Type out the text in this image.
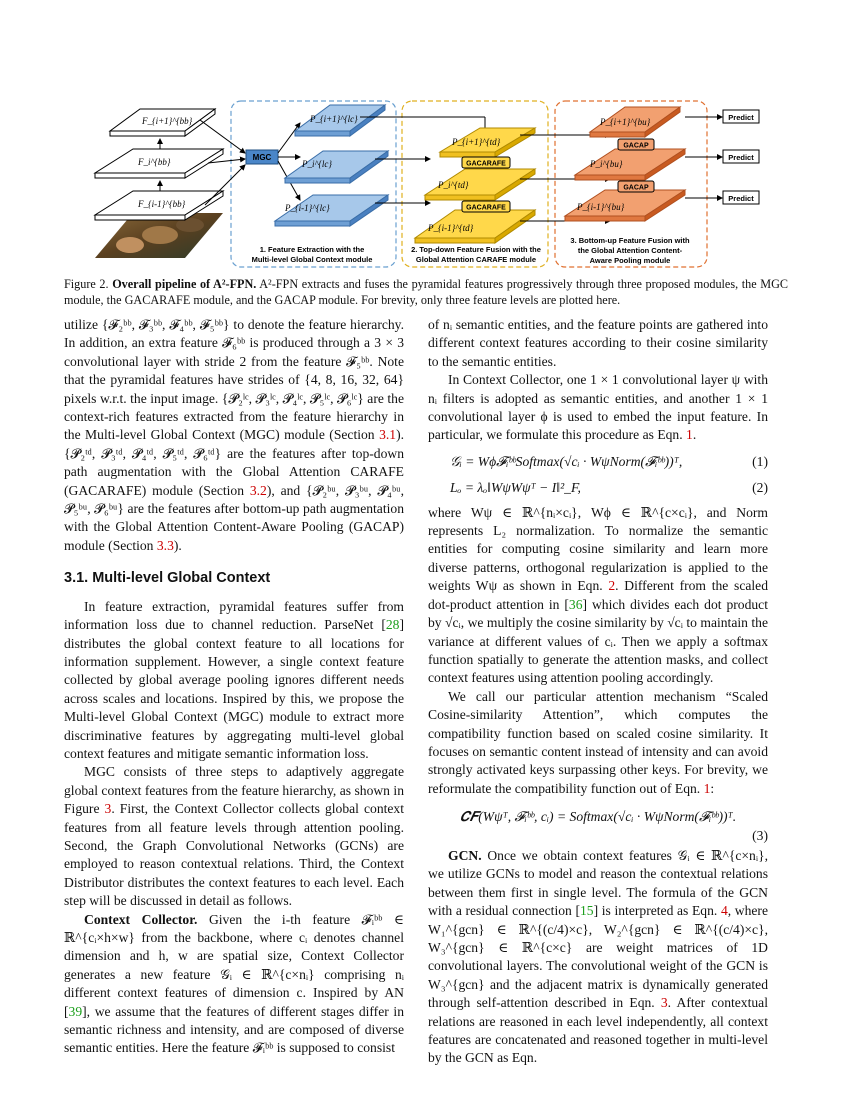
F_{i-1}^{bb}
F_i^{bb}
F_{i+1}^{bb}
MGC
P_{i+1}^{lc}
P_i^{lc}
P_{i-1}^{lc}
P_{i+1}^{td}
P_i^{td}
P_{i-1}^{td}
GACARAFE
GACARAFE
P_{i+1}^{bu}
P_i^{bu}
P_{i-1}^{bu}
GACAP
GACAP
Predict
Predict
Predict
1. Feature Extraction with the
Multi-level Global Context module
2. Top-down Feature Fusion with the
Global Attention CARAFE module
3. Bottom-up Feature Fusion with
the Global Attention Content-
Aware Pooling module
Figure 2. Overall pipeline of A²-FPN. A²-FPN extracts and fuses the pyramidal features progressively through three proposed modules, the MGC module, the GACARAFE module, and the GACAP module. For brevity, only three feature levels are plotted here.

utilize {𝓕₂ᵇᵇ, 𝓕₃ᵇᵇ, 𝓕₄ᵇᵇ, 𝓕₅ᵇᵇ} to denote the feature hierarchy. In addition, an extra feature 𝓕₆ᵇᵇ is produced through a 3 × 3 convolutional layer with stride 2 from the feature 𝓕₅ᵇᵇ. Note that the pyramidal features have strides of {4, 8, 16, 32, 64} pixels w.r.t. the input image. {𝓟₂ˡᶜ, 𝓟₃ˡᶜ, 𝓟₄ˡᶜ, 𝓟₅ˡᶜ, 𝓟₆ˡᶜ} are the context-rich features extracted from the feature hierarchy in the Multi-level Global Context (MGC) module (Section 3.1). {𝓟₂ᵗᵈ, 𝓟₃ᵗᵈ, 𝓟₄ᵗᵈ, 𝓟₅ᵗᵈ, 𝓟₆ᵗᵈ} are the features after top-down path augmentation with the Global Attention CARAFE (GACARAFE) module (Section 3.2), and {𝓟₂ᵇᵘ, 𝓟₃ᵇᵘ, 𝓟₄ᵇᵘ, 𝓟₅ᵇᵘ, 𝓟₆ᵇᵘ} are the features after bottom-up path augmentation with the Global Attention Content-Aware Pooling (GACAP) module (Section 3.3).

3.1. Multi-level Global Context

In feature extraction, pyramidal features suffer from information loss due to channel reduction. ParseNet [28] distributes the global context feature to all locations for information supplement. However, a single context feature collected by global average pooling ignores different needs across scales and locations. Inspired by this, we propose the Multi-level Global Context (MGC) module to extract more discriminative features by aggregating multi-level global context features and mitigate semantic information loss.

MGC consists of three steps to adaptively aggregate global context features from the feature hierarchy, as shown in Figure 3. First, the Context Collector collects global context features from all feature levels through attention pooling. Second, the Graph Convolutional Networks (GCNs) are employed to reason contextual relations. Third, the Context Distributor distributes the context features to each level. Each step will be discussed in detail as follows.

Context Collector. Given the i-th feature 𝓕ᵢᵇᵇ ∈ ℝ^{cᵢ×h×w} from the backbone, where cᵢ denotes channel dimension and h, w are spatial size, Context Collector generates a new feature 𝒢ᵢ ∈ ℝ^{c×nᵢ} comprising nᵢ different context features of dimension c. Inspired by AN [39], we assume that the features of different stages differ in semantic richness and intensity, and are composed of diverse semantic entities. Here the feature 𝓕ᵢᵇᵇ is supposed to consist

of nᵢ semantic entities, and the feature points are gathered into different context features according to their cosine similarity to the semantic entities.

In Context Collector, one 1 × 1 convolutional layer ψ with nᵢ filters is adopted as semantic entities, and another 1 × 1 convolutional layer ϕ is used to embed the input feature. In particular, we formulate this procedure as Eqn. 1.

𝒢ᵢ = Wϕ𝓕ᵢᵇᵇSoftmax(√cᵢ · WψNorm(𝓕ᵢᵇᵇ))ᵀ,	(1)

Lₒ = λₒ‖WψWψᵀ − I‖²_F,	(2)

where Wψ ∈ ℝ^{nᵢ×cᵢ}, Wϕ ∈ ℝ^{c×cᵢ}, and Norm represents L₂ normalization. To normalize the semantic entities for computing cosine similarity and learn more diverse patterns, orthogonal regularization is applied to the weights Wψ as shown in Eqn. 2. Different from the scaled dot-product attention in [36] which divides each dot product by √cᵢ, we multiply the cosine similarity by √cᵢ to maintain the variance at different values of cᵢ. Then we apply a softmax function spatially to generate the attention masks, and collect context features using attention pooling accordingly.

We call our particular attention mechanism “Scaled Cosine-similarity Attention”, which computes the compatibility function based on scaled cosine similarity. It focuses on semantic content instead of intensity and can avoid strongly activated keys surpassing other keys. For brevity, we reformulate the compatibility function out of Eqn. 1:

𝑪𝑭(Wψᵀ, 𝓕ᵢᵇᵇ, cᵢ) = Softmax(√cᵢ · WψNorm(𝓕ᵢᵇᵇ))ᵀ.

(3)

GCN. Once we obtain context features 𝒢ᵢ ∈ ℝ^{c×nᵢ}, we utilize GCNs to model and reason the contextual relations between them first in single level. The formula of the GCN with a residual connection [15] is interpreted as Eqn. 4, where W₁^{gcn} ∈ ℝ^{(c/4)×c}, W₂^{gcn} ∈ ℝ^{(c/4)×c}, W₃^{gcn} ∈ ℝ^{c×c} are weight matrices of 1D convolutional layers. The convolutional weight of the GCN is W₃^{gcn} and the adjacent matrix is dynamically generated through self-attention described in Eqn. 3. After contextual relations are reasoned in each level independently, all context features are concatenated and reasoned together in multi-level by the GCN as Eqn.
